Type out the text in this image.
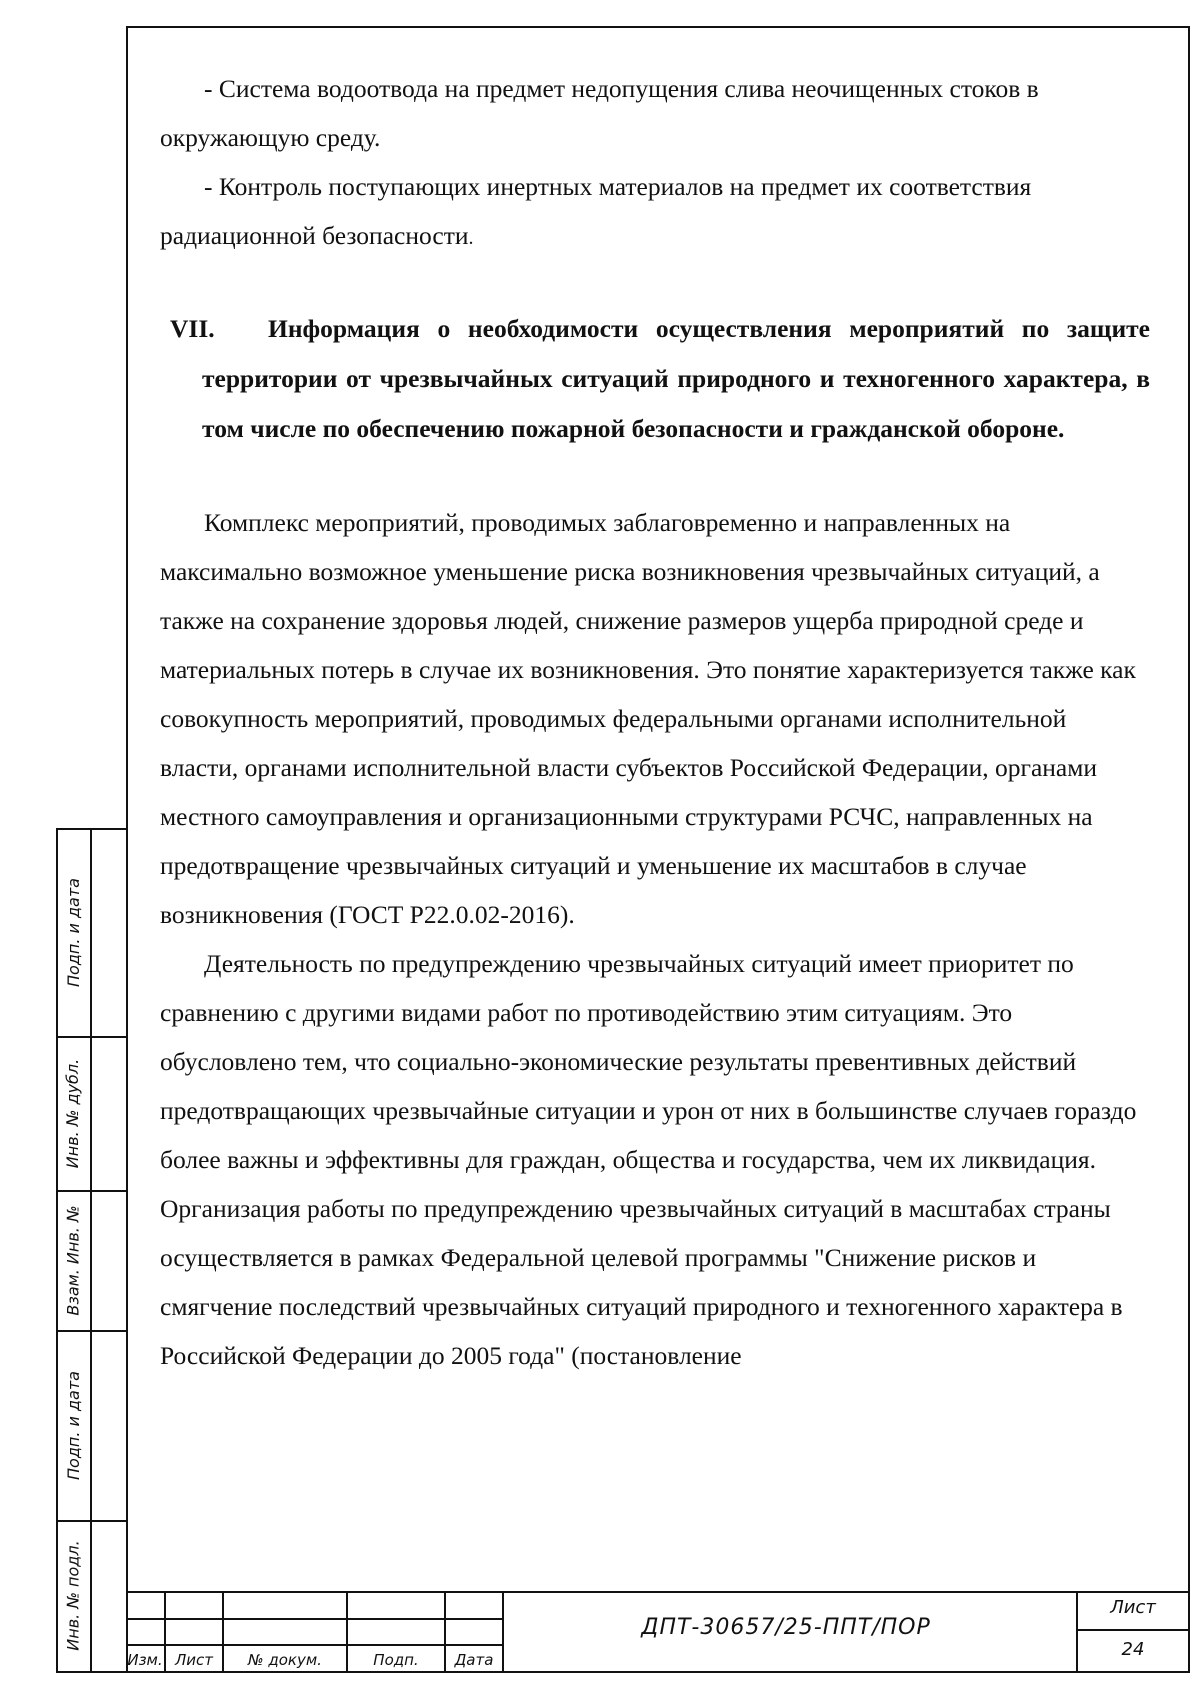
- Система водоотвода на предмет недопущения слива неочищенных стоков в окружающую среду.

- Контроль поступающих инертных материалов на предмет их соответствия радиационной безопасности.

VII. Информация о необходимости осуществления мероприятий по защите территории от чрезвычайных ситуаций природного и техногенного характера, в том числе по обеспечению пожарной безопасности и гражданской обороне.

Комплекс мероприятий, проводимых заблаговременно и направленных на максимально возможное уменьшение риска возникновения чрезвычайных ситуаций, а также на сохранение здоровья людей, снижение размеров ущерба природной среде и материальных потерь в случае их возникновения. Это понятие характеризуется также как совокупность мероприятий, проводимых федеральными органами исполнительной власти, органами исполнительной власти субъектов Российской Федерации, органами местного самоуправления и организационными структурами РСЧС, направленных на предотвращение чрезвычайных ситуаций и уменьшение их масштабов в случае возникновения (ГОСТ Р22.0.02-2016).

Деятельность по предупреждению чрезвычайных ситуаций имеет приоритет по сравнению с другими видами работ по противодействию этим ситуациям. Это обусловлено тем, что социально-экономические результаты превентивных действий предотвращающих чрезвычайные ситуации и урон от них в большинстве случаев гораздо более важны и эффективны для граждан, общества и государства, чем их ликвидация.

Организация работы по предупреждению чрезвычайных ситуаций в масштабах страны осуществляется в рамках Федеральной целевой программы "Снижение рисков и смягчение последствий чрезвычайных ситуаций природного и техногенного характера в Российской Федерации до 2005 года" (постановление

Изм. Лист	№ докум.	Подп.	Дата
ДПТ-30657/25-ППТ/ПОР
Лист
24
Подп. и дата
Инв. № дубл.
Взам. Инв. №
Подп. и дата
Инв. № подл.
